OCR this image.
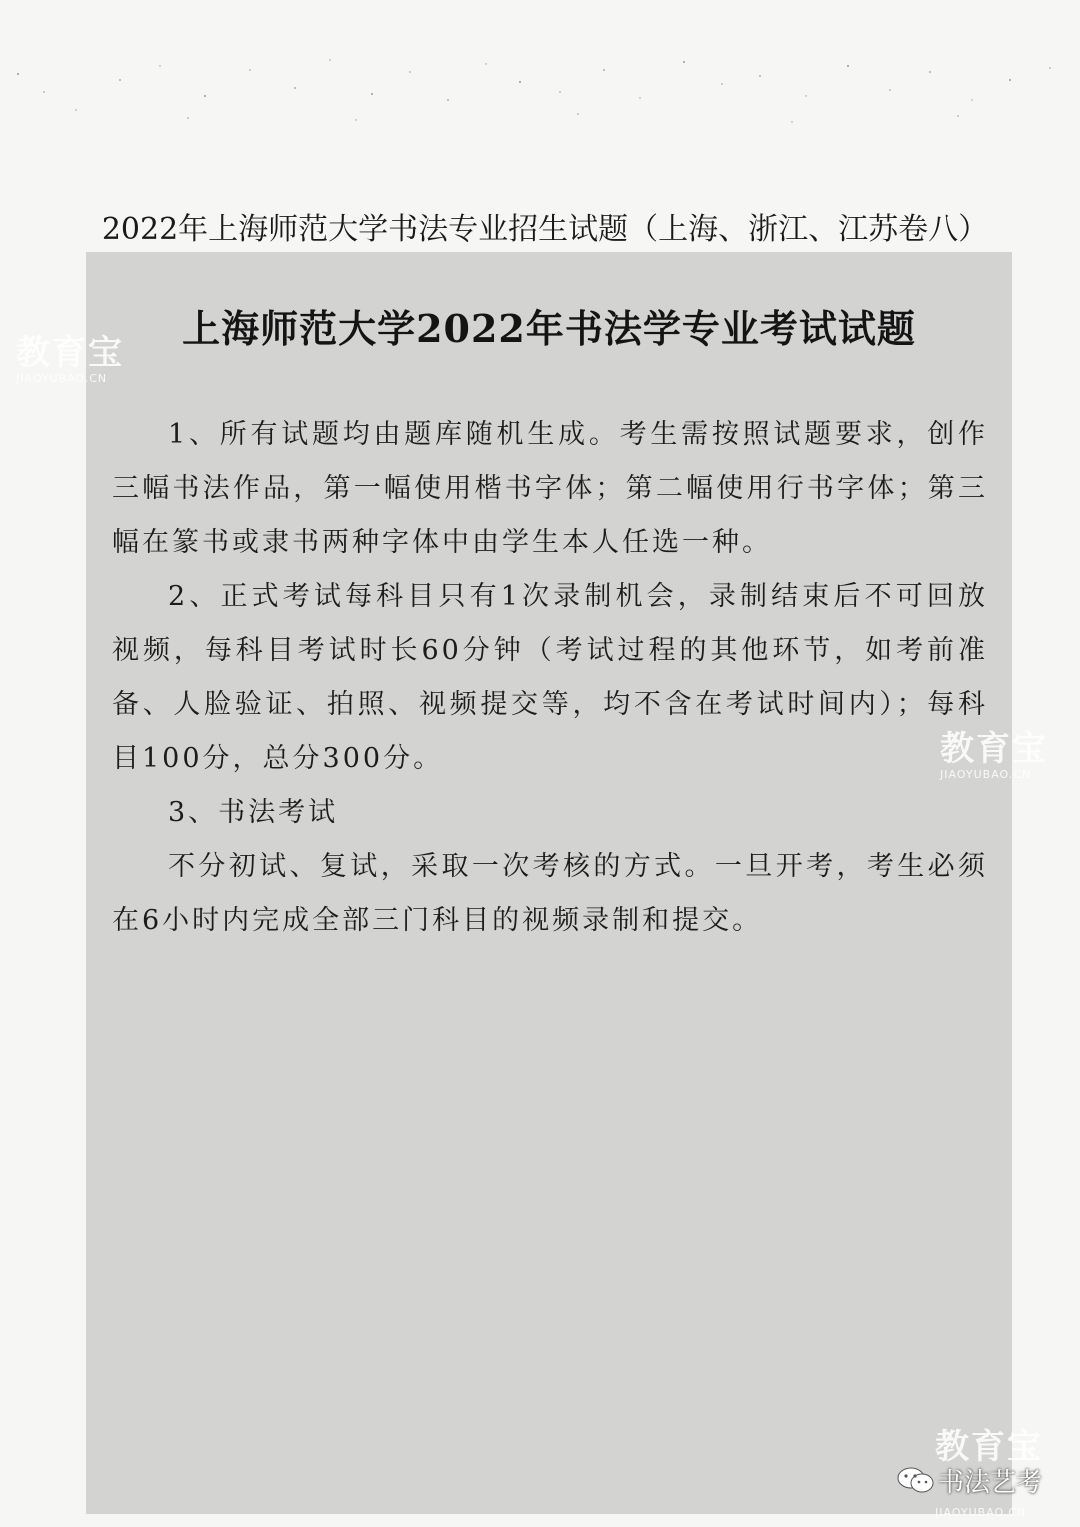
2022年上海师范大学书法专业招生试题（上海、浙江、江苏卷八）
上海师范大学2022年书法学专业考试试题

1、所有试题均由题库随机生成。考生需按照试题要求，创作三幅书法作品，第一幅使用楷书字体；第二幅使用行书字体；第三幅在篆书或隶书两种字体中由学生本人任选一种。

2、正式考试每科目只有1次录制机会，录制结束后不可回放视频，每科目考试时长60分钟（考试过程的其他环节，如考前准备、人脸验证、拍照、视频提交等，均不含在考试时间内）；每科目100分，总分300分。

3、书法考试

不分初试、复试，采取一次考核的方式。一旦开考，考生必须在6小时内完成全部三门科目的视频录制和提交。

教育宝
JIAOYUBAO.CN
教育宝
JIAOYUBAO.CN
教育宝
JIAOYUBAO.CN
书法艺考
